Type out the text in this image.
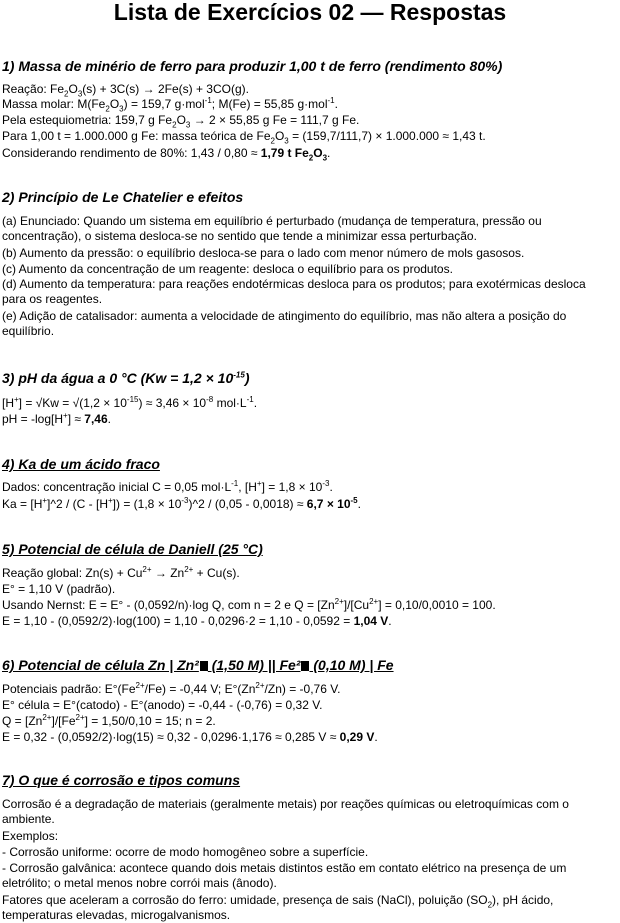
Lista de Exercícios 02 — Respostas
1) Massa de minério de ferro para produzir 1,00 t de ferro (rendimento 80%)
Reação: $Fe_2O_3(s) + 3C(s) \to 2Fe(s) + 3CO(g)$.
Massa molar: $M(Fe_2O_3) = 159,7$ g·mol$^{-1}$; M(Fe) = 55,85 g·mol$^{-1}$.
Pela estequiometria: 159,7 g $Fe_2O_3 \to 2 \times 55,85$ g Fe = 111,7 g Fe.
Para 1,00 t = 1.000.000 g Fe: massa teórica de $Fe_2O_3 = (159,7/111,7) \times 1.000.000 \approx 1,43$ t.
Considerando rendimento de 80%: 1,43 / 0,80 ≈ 1,79 t $Fe_2O_3$.
2) Princípio de Le Chatelier e efeitos
(a) Enunciado: Quando um sistema em equilíbrio é perturbado (mudança de temperatura, pressão ou concentração), o sistema desloca-se no sentido que tende a minimizar essa perturbação.
(b) Aumento da pressão: o equilíbrio desloca-se para o lado com menor número de mols gasosos.
(c) Aumento da concentração de um reagente: desloca o equilíbrio para os produtos.
(d) Aumento da temperatura: para reações endotérmicas desloca para os produtos; para exotérmicas desloca para os reagentes.
(e) Adição de catalisador: aumenta a velocidade de atingimento do equilíbrio, mas não altera a posição do equilíbrio.
3) pH da água a 0 °C $(Kw = 1,2 \times 10^{-15})$
$[H^+] = √Kw = √(1,2 \times 10^{-15}) \approx 3,46 \times 10^{-8}$ $mol\cdot L^{-1}$.
pH = -log[H+] ≈ 7,46.
4) Ka de um ácido fraco
Dados: concentração inicial C = 0,05 $mol\cdot L^{-1}$, $[H^+] = 1,8 \times 10^{-3}$.
Ka = [H+]^2 / $(C - [H^+]) = (1,8 \times 10^{-3})\^{}2 / (0,05 - 0,0018) \approx 6,7 \times 10^{-5}$.
5) Potencial de célula de Daniell (25 °C)
Reação global: $Zn(s) + Cu^{2+} \to Zn^{2+} + Cu(s)$.
E° = 1,10 V (padrão).
Usando Nernst: E = E° - (0,0592/n)·log Q, com n = 2 e $Q = [Zn^{2+}]/[Cu^{2+}] = 0,10/0,0010 = 100$.
E = 1,10 - (0,0592/2)·log(100) = 1,10 - 0,0296·2 = 1,10 - 0,0592 = 1,04 V.
6) Potencial de célula Zn | Zn² (1,50 M) || Fe² (0,10 M) | Fe
Potenciais padrão: $E^\circ(Fe^{2+}/Fe) = -0,44$ V; $E^\circ(Zn^{2+}/Zn) = -0,76$ V.
E° célula = E°(catodo) - E°(anodo) = -0,44 - (-0,76) = 0,32 V.
$Q = [Zn^{2+}]/[Fe^{2+}] = 1,50/0,10 = 15$; n = 2.
E = 0,32 - (0,0592/2)·log(15) ≈ 0,32 - 0,0296·1,176 ≈ 0,285 V ≈ 0,29 V.
7) O que é corrosão e tipos comuns
Corrosão é a degradação de materiais (geralmente metais) por reações químicas ou eletroquímicas com o ambiente.
Exemplos:
- Corrosão uniforme: ocorre de modo homogêneo sobre a superfície.
- Corrosão galvânica: acontece quando dois metais distintos estão em contato elétrico na presença de um eletrólito; o metal menos nobre corrói mais (ânodo).
Fatores que aceleram a corrosão do ferro: umidade, presença de sais (NaCl), poluição $(SO_2)$, pH ácido, temperaturas elevadas, microgalvanismos.
